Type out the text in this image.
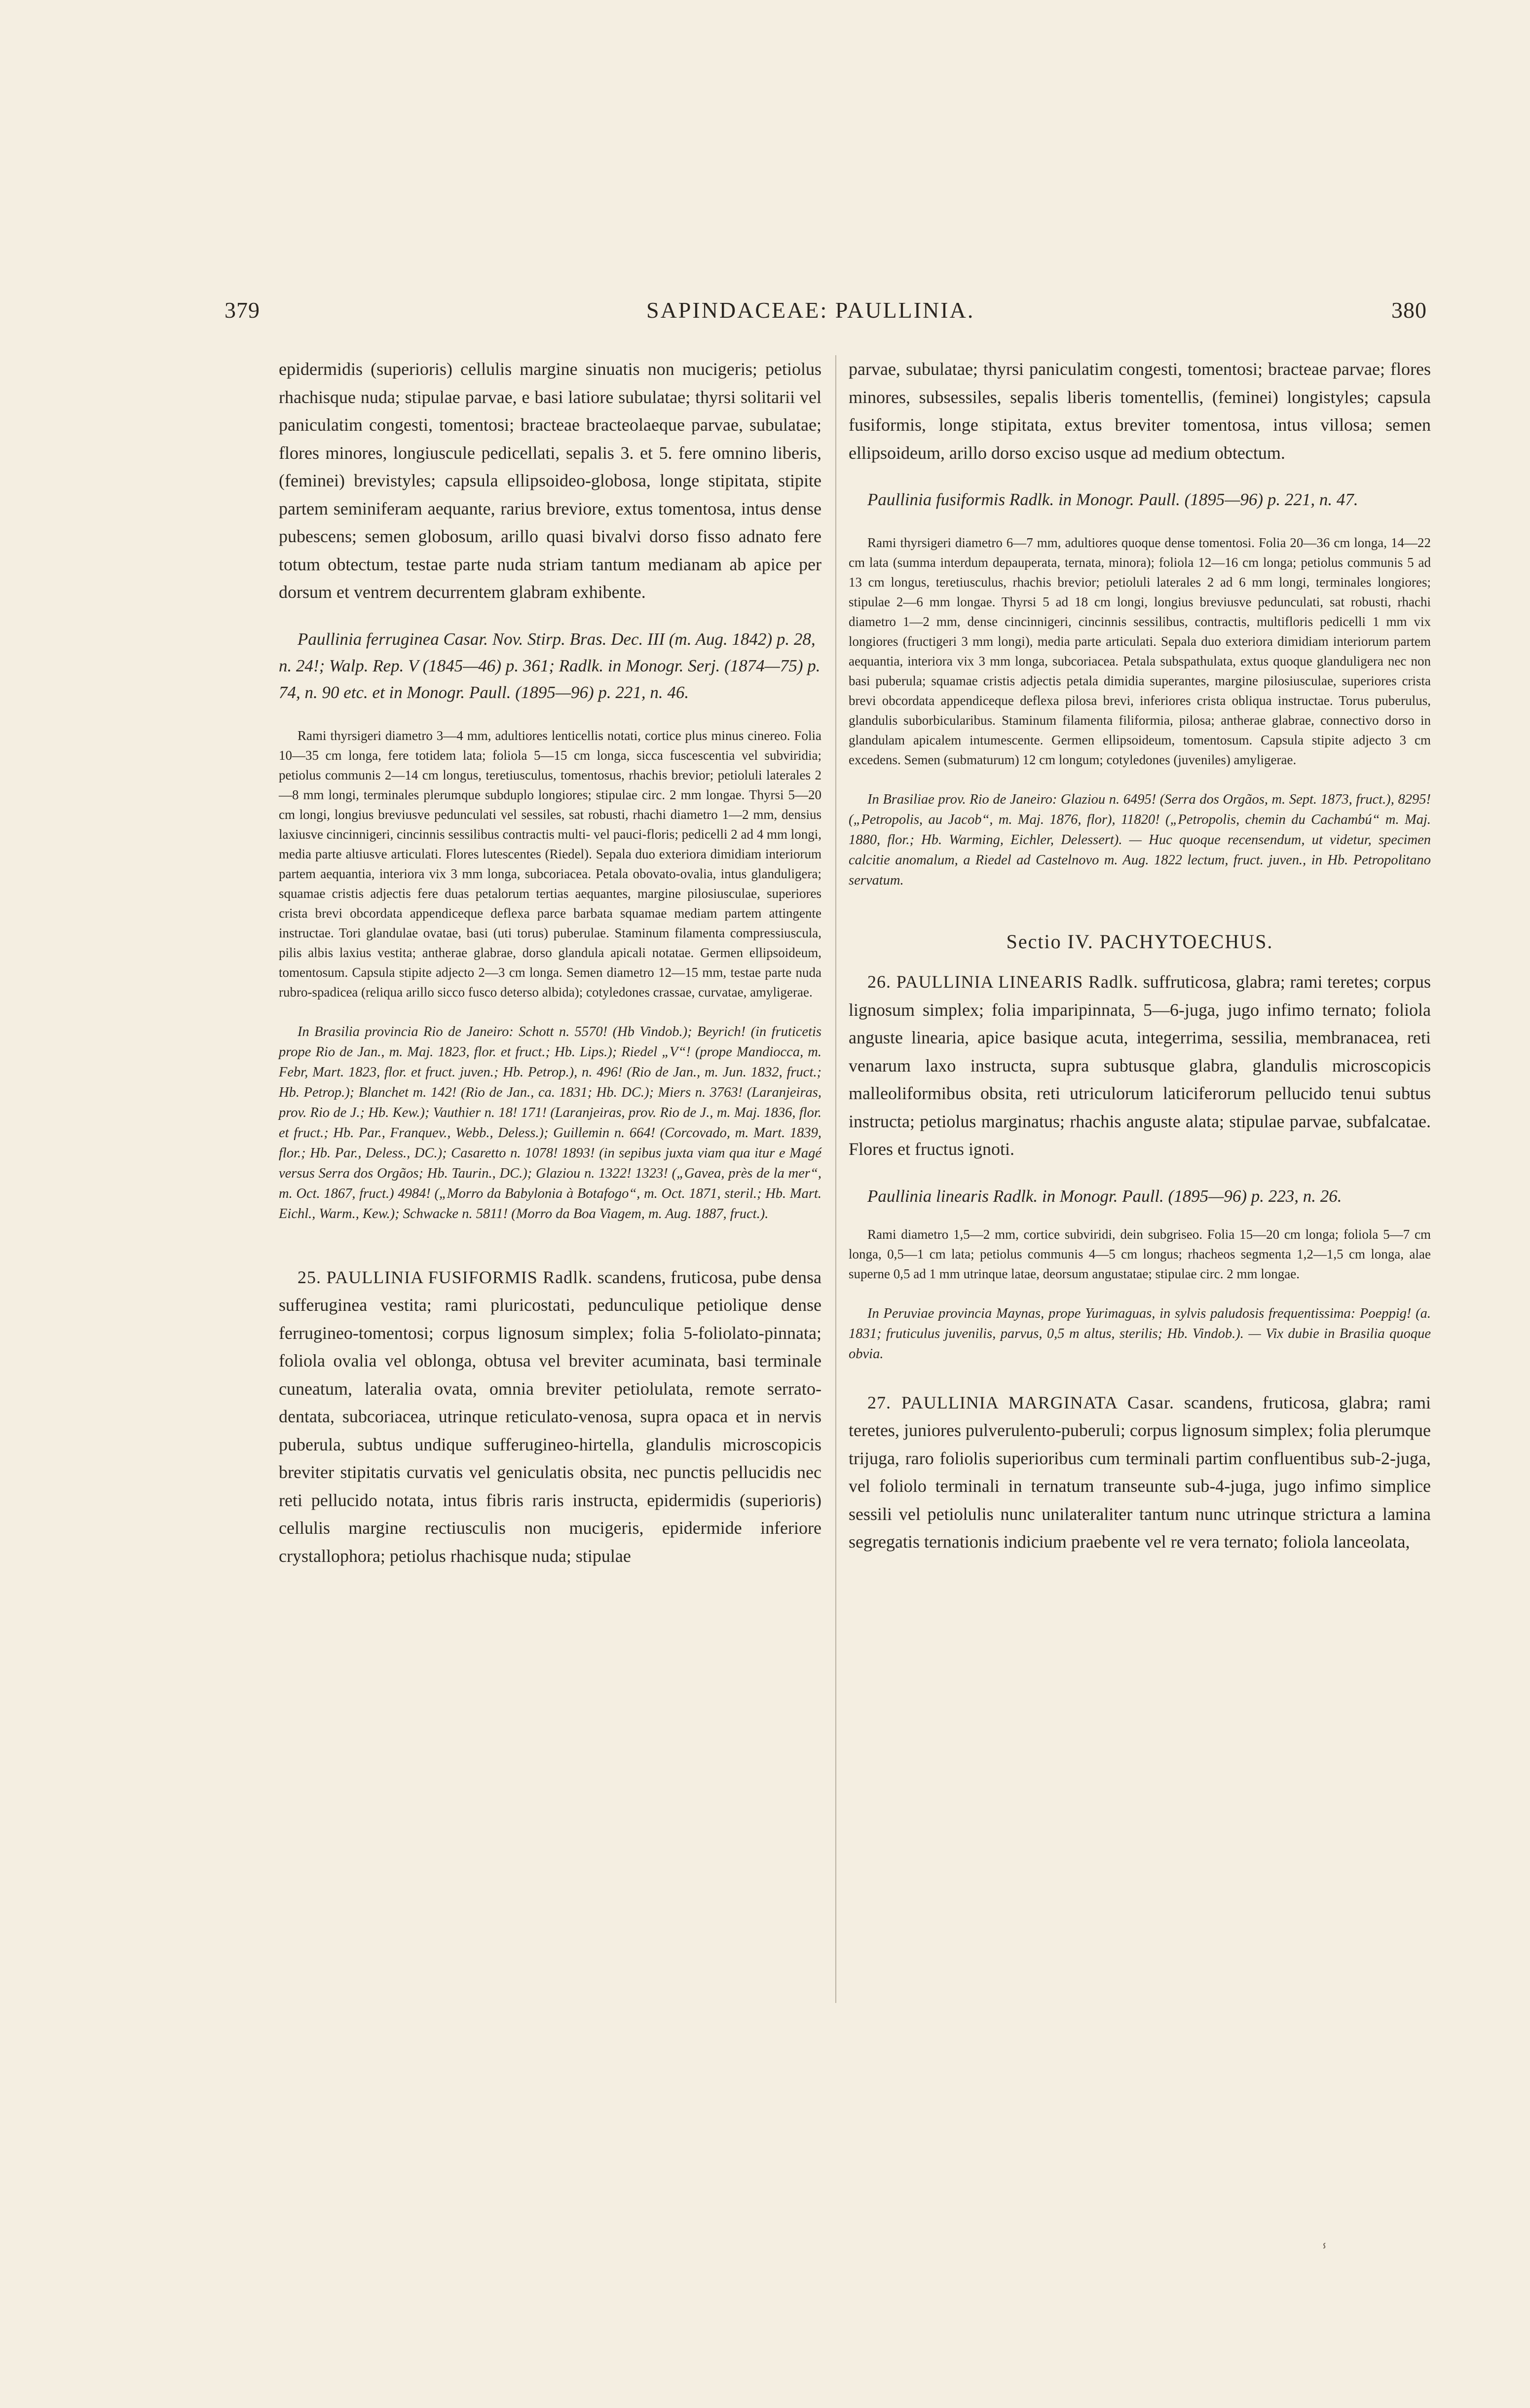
379	SAPINDACEAE: PAULLINIA.	380

epidermidis (superioris) cellulis margine sinuatis non mucigeris; petiolus rhachisque nuda; stipulae parvae, e basi latiore subulatae; thyrsi solitarii vel paniculatim congesti, tomentosi; bracteae bracteolaeque parvae, subulatae; flores minores, longiuscule pedicellati, sepalis 3. et 5. fere omnino liberis, (feminei) brevistyles; capsula ellipsoideo-globosa, longe stipitata, stipite partem seminiferam aequante, rarius breviore, extus tomentosa, intus dense pubescens; semen globosum, arillo quasi bivalvi dorso fisso adnato fere totum obtectum, testae parte nuda striam tantum medianam ab apice per dorsum et ventrem decurrentem glabram exhibente.

Paullinia ferruginea Casar. Nov. Stirp. Bras. Dec. III (m. Aug. 1842) p. 28, n. 24!; Walp. Rep. V (1845—46) p. 361; Radlk. in Monogr. Serj. (1874—75) p. 74, n. 90 etc. et in Monogr. Paull. (1895—96) p. 221, n. 46.

Rami thyrsigeri diametro 3—4 mm, adultiores lenticellis notati, cortice plus minus cinereo. Folia 10—35 cm longa, fere totidem lata; foliola 5—15 cm longa, sicca fuscescentia vel subviridia; petiolus communis 2—14 cm longus, teretiusculus, tomentosus, rhachis brevior; petioluli laterales 2—8 mm longi, terminales plerumque subduplo longiores; stipulae circ. 2 mm longae. Thyrsi 5—20 cm longi, longius breviusve pedunculati vel sessiles, sat robusti, rhachi diametro 1—2 mm, densius laxiusve cincinnigeri, cincinnis sessilibus contractis multi- vel pauci-floris; pedicelli 2 ad 4 mm longi, media parte altiusve articulati. Flores lutescentes (Riedel). Sepala duo exteriora dimidiam interiorum partem aequantia, interiora vix 3 mm longa, subcoriacea. Petala obovato-ovalia, intus glanduligera; squamae cristis adjectis fere duas petalorum tertias aequantes, margine pilosiusculae, superiores crista brevi obcordata appendiceque deflexa parce barbata squamae mediam partem attingente instructae. Tori glandulae ovatae, basi (uti torus) puberulae. Staminum filamenta compressiuscula, pilis albis laxius vestita; antherae glabrae, dorso glandula apicali notatae. Germen ellipsoideum, tomentosum. Capsula stipite adjecto 2—3 cm longa. Semen diametro 12—15 mm, testae parte nuda rubro-spadicea (reliqua arillo sicco fusco deterso albida); cotyledones crassae, curvatae, amyligerae.

In Brasilia provincia Rio de Janeiro: Schott n. 5570! (Hb Vindob.); Beyrich! (in fruticetis prope Rio de Jan., m. Maj. 1823, flor. et fruct.; Hb. Lips.); Riedel „V“! (prope Mandiocca, m. Febr, Mart. 1823, flor. et fruct. juven.; Hb. Petrop.), n. 496! (Rio de Jan., m. Jun. 1832, fruct.; Hb. Petrop.); Blanchet m. 142! (Rio de Jan., ca. 1831; Hb. DC.); Miers n. 3763! (Laranjeiras, prov. Rio de J.; Hb. Kew.); Vauthier n. 18! 171! (Laranjeiras, prov. Rio de J., m. Maj. 1836, flor. et fruct.; Hb. Par., Franquev., Webb., Deless.); Guillemin n. 664! (Corcovado, m. Mart. 1839, flor.; Hb. Par., Deless., DC.); Casaretto n. 1078! 1893! (in sepibus juxta viam qua itur e Magé versus Serra dos Orgãos; Hb. Taurin., DC.); Glaziou n. 1322! 1323! („Gavea, près de la mer“, m. Oct. 1867, fruct.) 4984! („Morro da Babylonia à Botafogo“, m. Oct. 1871, steril.; Hb. Mart. Eichl., Warm., Kew.); Schwacke n. 5811! (Morro da Boa Viagem, m. Aug. 1887, fruct.).

25. PAULLINIA FUSIFORMIS Radlk. scandens, fruticosa, pube densa sufferuginea vestita; rami pluricostati, pedunculique petiolique dense ferrugineo-tomentosi; corpus lignosum simplex; folia 5-foliolato-pinnata; foliola ovalia vel oblonga, obtusa vel breviter acuminata, basi terminale cuneatum, lateralia ovata, omnia breviter petiolulata, remote serrato-dentata, subcoriacea, utrinque reticulato-venosa, supra opaca et in nervis puberula, subtus undique sufferugineo-hirtella, glandulis microscopicis breviter stipitatis curvatis vel geniculatis obsita, nec punctis pellucidis nec reti pellucido notata, intus fibris raris instructa, epidermidis (superioris) cellulis margine rectiusculis non mucigeris, epidermide inferiore crystallophora; petiolus rhachisque nuda; stipulae

parvae, subulatae; thyrsi paniculatim congesti, tomentosi; bracteae parvae; flores minores, subsessiles, sepalis liberis tomentellis, (feminei) longistyles; capsula fusiformis, longe stipitata, extus breviter tomentosa, intus villosa; semen ellipsoideum, arillo dorso exciso usque ad medium obtectum.

Paullinia fusiformis Radlk. in Monogr. Paull. (1895—96) p. 221, n. 47.

Rami thyrsigeri diametro 6—7 mm, adultiores quoque dense tomentosi. Folia 20—36 cm longa, 14—22 cm lata (summa interdum depauperata, ternata, minora); foliola 12—16 cm longa; petiolus communis 5 ad 13 cm longus, teretiusculus, rhachis brevior; petioluli laterales 2 ad 6 mm longi, terminales longiores; stipulae 2—6 mm longae. Thyrsi 5 ad 18 cm longi, longius breviusve pedunculati, sat robusti, rhachi diametro 1—2 mm, dense cincinnigeri, cincinnis sessilibus, contractis, multifloris pedicelli 1 mm vix longiores (fructigeri 3 mm longi), media parte articulati. Sepala duo exteriora dimidiam interiorum partem aequantia, interiora vix 3 mm longa, subcoriacea. Petala subspathulata, extus quoque glanduligera nec non basi puberula; squamae cristis adjectis petala dimidia superantes, margine pilosiusculae, superiores crista brevi obcordata appendiceque deflexa pilosa brevi, inferiores crista obliqua instructae. Torus puberulus, glandulis suborbicularibus. Staminum filamenta filiformia, pilosa; antherae glabrae, connectivo dorso in glandulam apicalem intumescente. Germen ellipsoideum, tomentosum. Capsula stipite adjecto 3 cm excedens. Semen (submaturum) 12 cm longum; cotyledones (juveniles) amyligerae.

In Brasiliae prov. Rio de Janeiro: Glaziou n. 6495! (Serra dos Orgãos, m. Sept. 1873, fruct.), 8295! („Petropolis, au Jacob“, m. Maj. 1876, flor), 11820! („Petropolis, chemin du Cachambú“ m. Maj. 1880, flor.; Hb. Warming, Eichler, Delessert). — Huc quoque recensendum, ut videtur, specimen calcitie anomalum, a Riedel ad Castelnovo m. Aug. 1822 lectum, fruct. juven., in Hb. Petropolitano servatum.

Sectio IV. PACHYTOECHUS.

26. PAULLINIA LINEARIS Radlk. suffruticosa, glabra; rami teretes; corpus lignosum simplex; folia imparipinnata, 5—6-juga, jugo infimo ternato; foliola anguste linearia, apice basique acuta, integerrima, sessilia, membranacea, reti venarum laxo instructa, supra subtusque glabra, glandulis microscopicis malleoliformibus obsita, reti utriculorum laticiferorum pellucido tenui subtus instructa; petiolus marginatus; rhachis anguste alata; stipulae parvae, subfalcatae. Flores et fructus ignoti.

Paullinia linearis Radlk. in Monogr. Paull. (1895—96) p. 223, n. 26.

Rami diametro 1,5—2 mm, cortice subviridi, dein subgriseo. Folia 15—20 cm longa; foliola 5—7 cm longa, 0,5—1 cm lata; petiolus communis 4—5 cm longus; rhacheos segmenta 1,2—1,5 cm longa, alae superne 0,5 ad 1 mm utrinque latae, deorsum angustatae; stipulae circ. 2 mm longae.

In Peruviae provincia Maynas, prope Yurimaguas, in sylvis paludosis frequentissima: Poeppig! (a. 1831; fruticulus juvenilis, parvus, 0,5 m altus, sterilis; Hb. Vindob.). — Vix dubie in Brasilia quoque obvia.

27. PAULLINIA MARGINATA Casar. scandens, fruticosa, glabra; rami teretes, juniores pulverulento-puberuli; corpus lignosum simplex; folia plerumque trijuga, raro foliolis superioribus cum terminali partim confluentibus sub-2-juga, vel foliolo terminali in ternatum transeunte sub-4-juga, jugo infimo simplice sessili vel petiolulis nunc unilateraliter tantum nunc utrinque strictura a lamina segregatis ternationis indicium praebente vel re vera ternato; foliola lanceolata,

ⸯ
